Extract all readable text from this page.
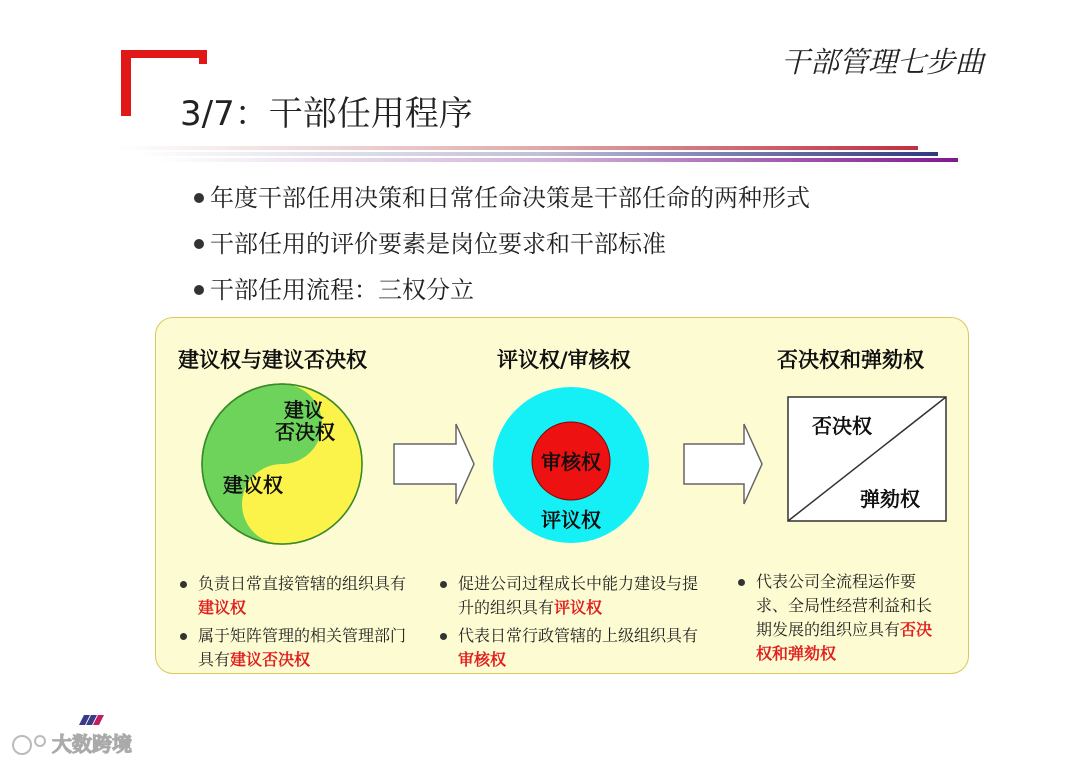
干部管理七步曲
3/7：干部任用程序
年度干部任用决策和日常任命决策是干部任命的两种形式
干部任用的评价要素是岗位要求和干部标准
干部任用流程：三权分立
建议权与建议否决权	评议权/审核权	否决权和弹劾权
建议
否决权
建议权
审核权
评议权
否决权
弹劾权
负责日常直接管辖的组织具有建议权
属于矩阵管理的相关管理部门具有建议否决权
促进公司过程成长中能力建设与提升的组织具有评议权
代表日常行政管辖的上级组织具有审核权
代表公司全流程运作要求、全局性经营利益和长期发展的组织应具有否决权和弹劾权
大数跨境
